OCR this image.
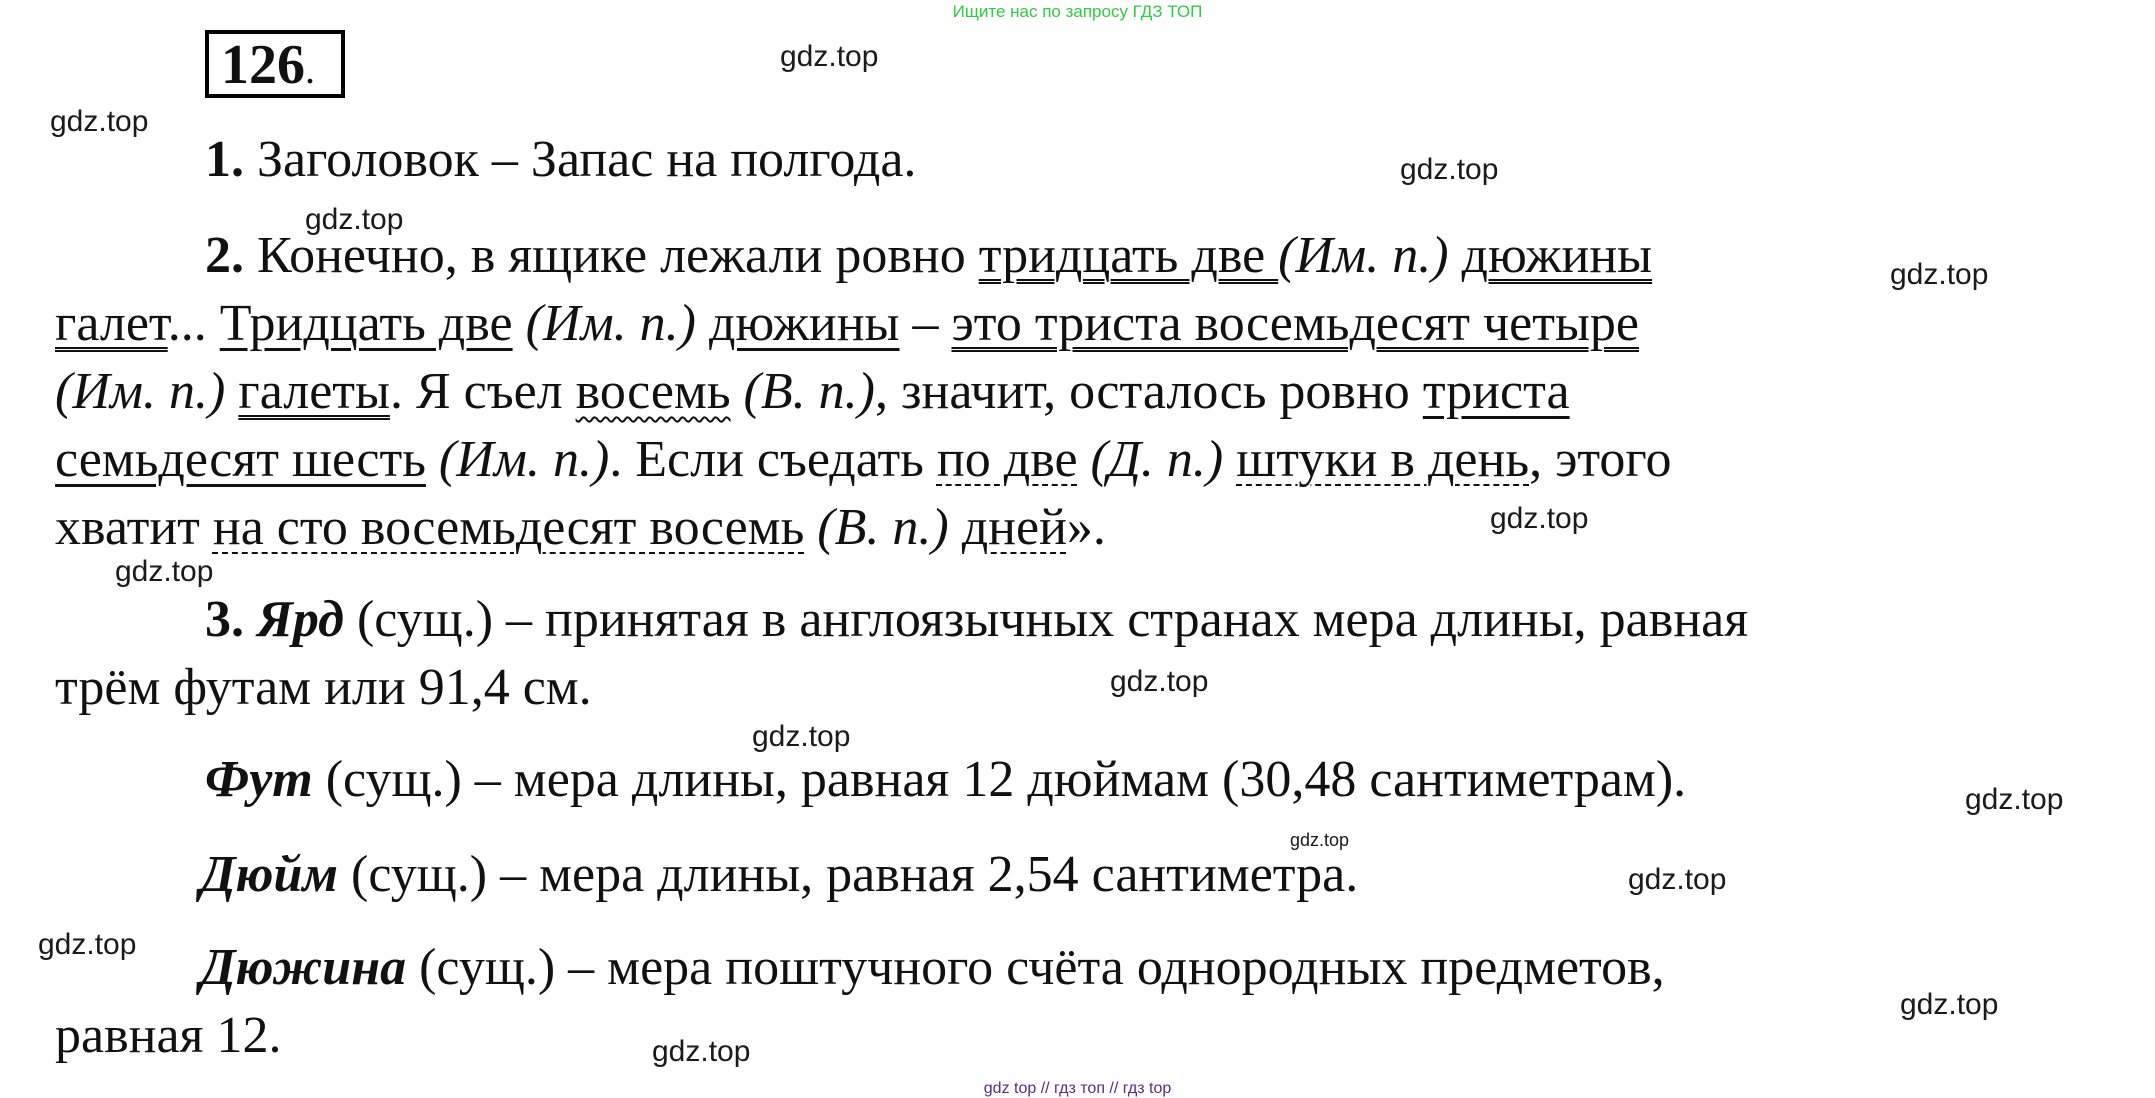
Ищите нас по запросу ГДЗ ТОП
126.
1. Заголовок – Запас на полгода.
2. Конечно, в ящике лежали ровно тридцать две (Им. п.) дюжины
галет... Тридцать две (Им. п.) дюжины – это триста восемьдесят четыре
(Им. п.) галеты. Я съел восемь (В. п.), значит, осталось ровно триста
семьдесят шесть (Им. п.). Если съедать по две (Д. п.) штуки в день, этого
хватит на сто восемьдесят восемь (В. п.) дней».
3. Ярд (сущ.) – принятая в англоязычных странах мера длины, равная
трём футам или 91,4 см.
Фут (сущ.) – мера длины, равная 12 дюймам (30,48 сантиметрам).
Дюйм (сущ.) – мера длины, равная 2,54 сантиметра.
Дюжина (сущ.) – мера поштучного счёта однородных предметов,
равная 12.
gdz.top
gdz.top
gdz.top
gdz.top
gdz.top
gdz.top
gdz.top
gdz.top
gdz.top
gdz.top
gdz.top
gdz.top
gdz.top
gdz.top
gdz.top
gdz top // гдз топ // гдз top
